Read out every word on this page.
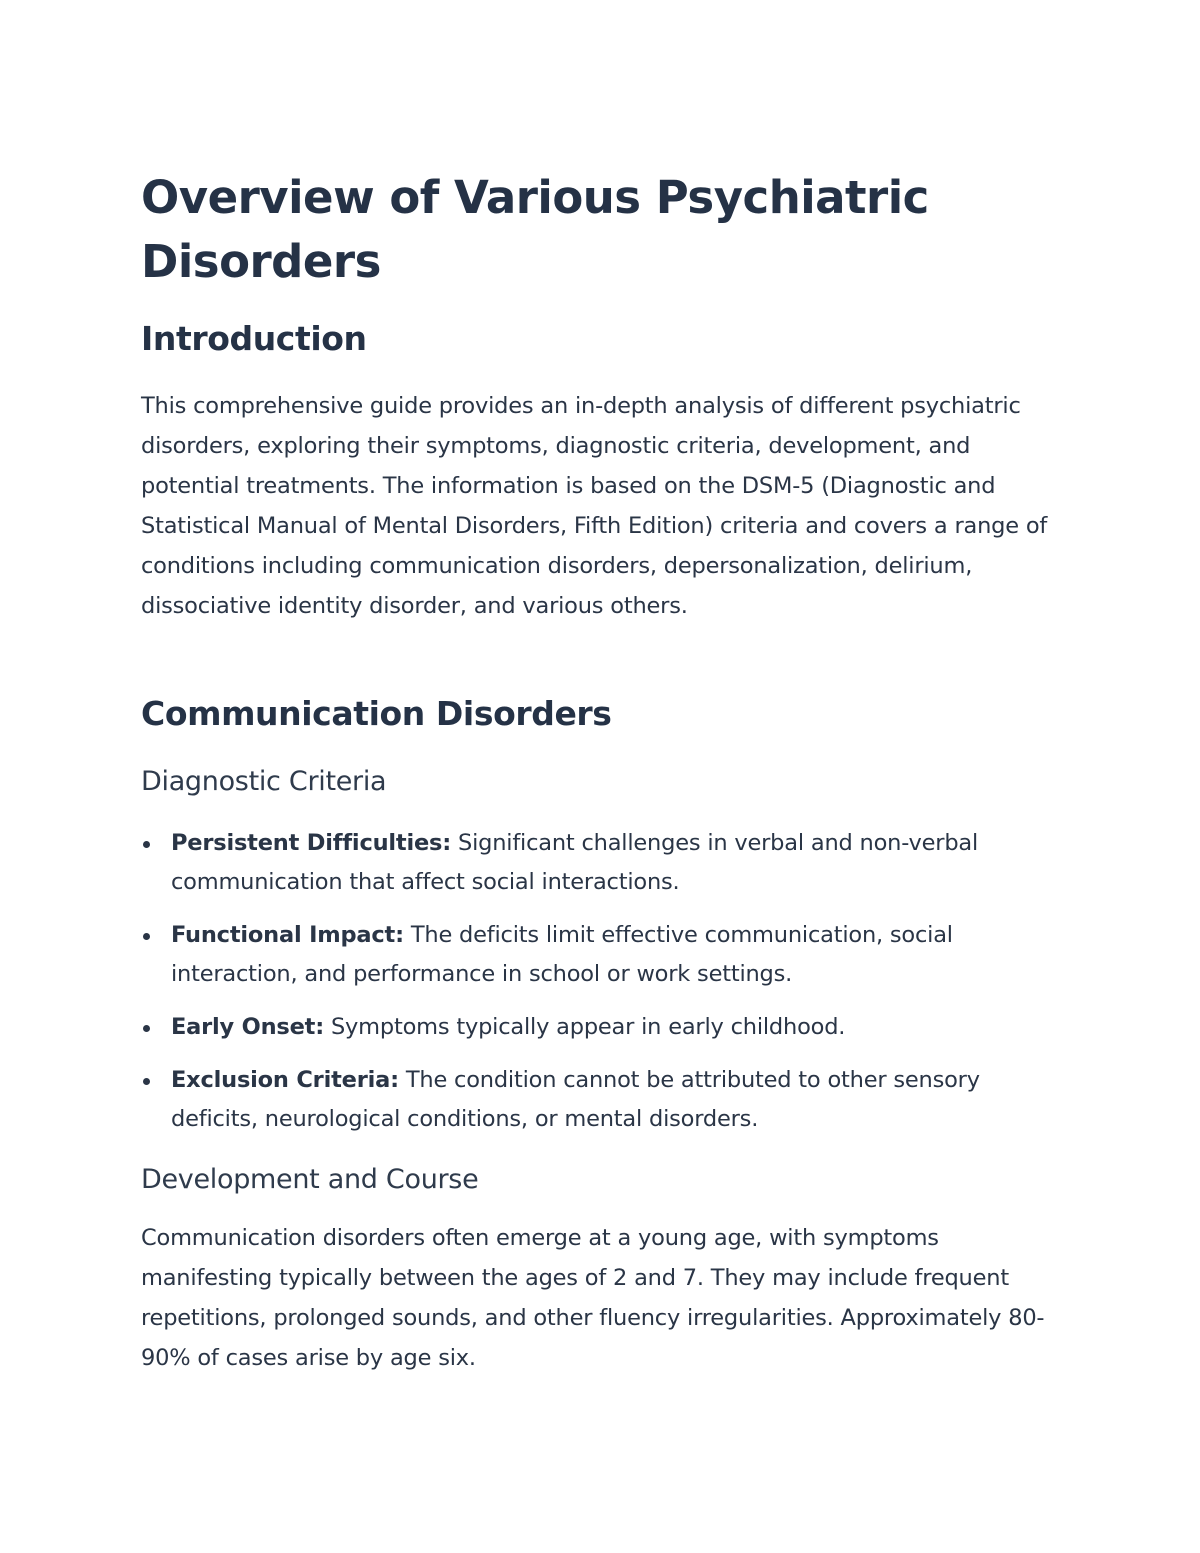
Overview of Various Psychiatric Disorders
Introduction

This comprehensive guide provides an in-depth analysis of different psychiatric disorders, exploring their symptoms, diagnostic criteria, development, and potential treatments. The information is based on the DSM-5 (Diagnostic and Statistical Manual of Mental Disorders, Fifth Edition) criteria and covers a range of conditions including communication disorders, depersonalization, delirium, dissociative identity disorder, and various others.

Communication Disorders
Diagnostic Criteria
Persistent Difficulties: Significant challenges in verbal and non-verbal communication that affect social interactions.
Functional Impact: The deficits limit effective communication, social interaction, and performance in school or work settings.
Early Onset: Symptoms typically appear in early childhood.
Exclusion Criteria: The condition cannot be attributed to other sensory deficits, neurological conditions, or mental disorders.
Development and Course

Communication disorders often emerge at a young age, with symptoms manifesting typically between the ages of 2 and 7. They may include frequent repetitions, prolonged sounds, and other fluency irregularities. Approximately 80-90% of cases arise by age six.
